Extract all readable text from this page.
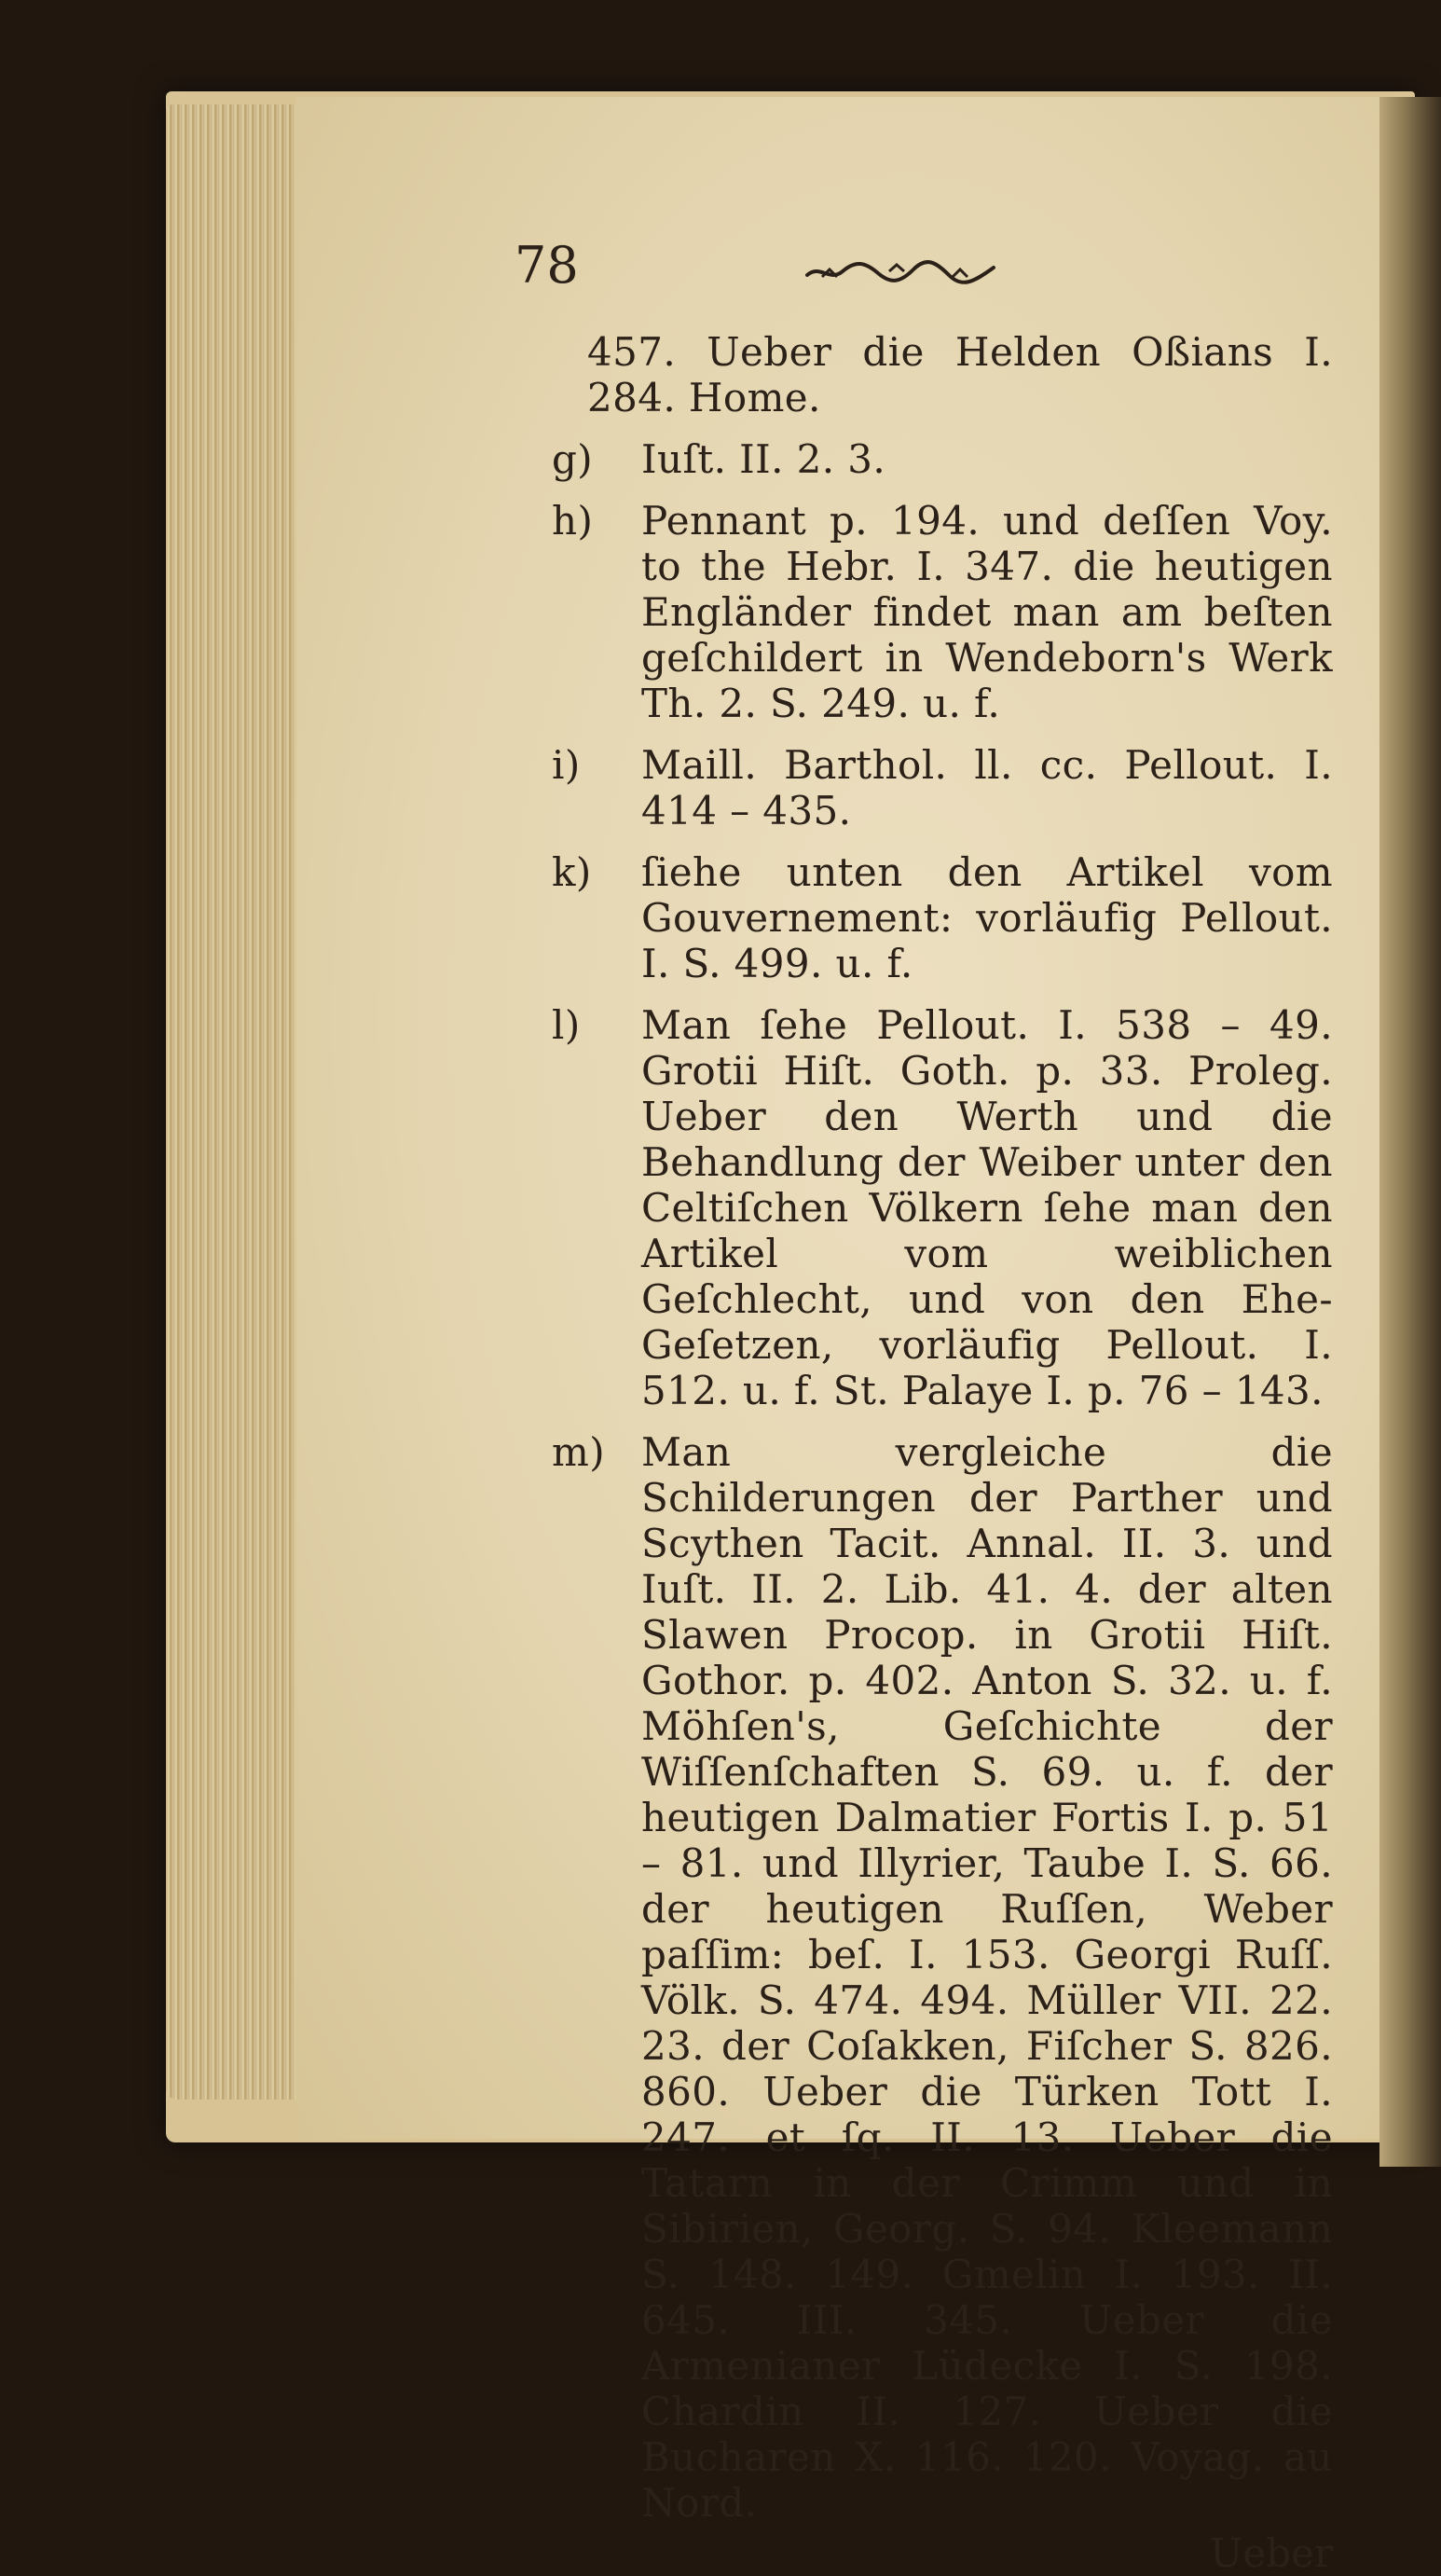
78
457. Ueber die Helden Oßians I. 284. Home.
g) Iuſt. II. 2. 3.
h) Pennant p. 194. und deſſen Voy. to the Hebr. I. 347. die heutigen Engländer findet man am beſten geſchildert in Wendeborn's Werk Th. 2. S. 249. u. f.
i) Maill. Barthol. ll. cc. Pellout. I. 414 – 435.
k) ſiehe unten den Artikel vom Gouvernement: vorläufig Pellout. I. S. 499. u. f.
l) Man ſehe Pellout. I. 538 – 49. Grotii Hiſt. Goth. p. 33. Proleg. Ueber den Werth und die Behandlung der Weiber unter den Celtiſchen Völkern ſehe man den Artikel vom weiblichen Geſchlecht, und von den Ehe-Geſetzen, vorläufig Pellout. I. 512. u. f. St. Palaye I. p. 76 – 143.
m) Man vergleiche die Schilderungen der Parther und Scythen Tacit. Annal. II. 3. und Iuſt. II. 2. Lib. 41. 4. der alten Slawen Procop. in Grotii Hiſt. Gothor. p. 402. Anton S. 32. u. f. Möhſen's, Geſchichte der Wiſſenſchaften S. 69. u. f. der heutigen Dalmatier Fortis I. p. 51 – 81. und Illyrier, Taube I. S. 66. der heutigen Ruſſen, Weber paſſim: beſ. I. 153. Georgi Ruſſ. Völk. S. 474. 494. Müller VII. 22. 23. der Coſakken, Fiſcher S. 826. 860. Ueber die Türken Tott I. 247. et ſq. II. 13. Ueber die Tatarn in der Crimm und in Sibirien, Georg. S. 94. Kleemann S. 148. 149. Gmelin I. 193. II. 645. III. 345. Ueber die Armenianer Lüdecke I. S. 198. Chardin II. 127. Ueber die Bucharen X. 116. 120. Voyag. au Nord.
Ueber
